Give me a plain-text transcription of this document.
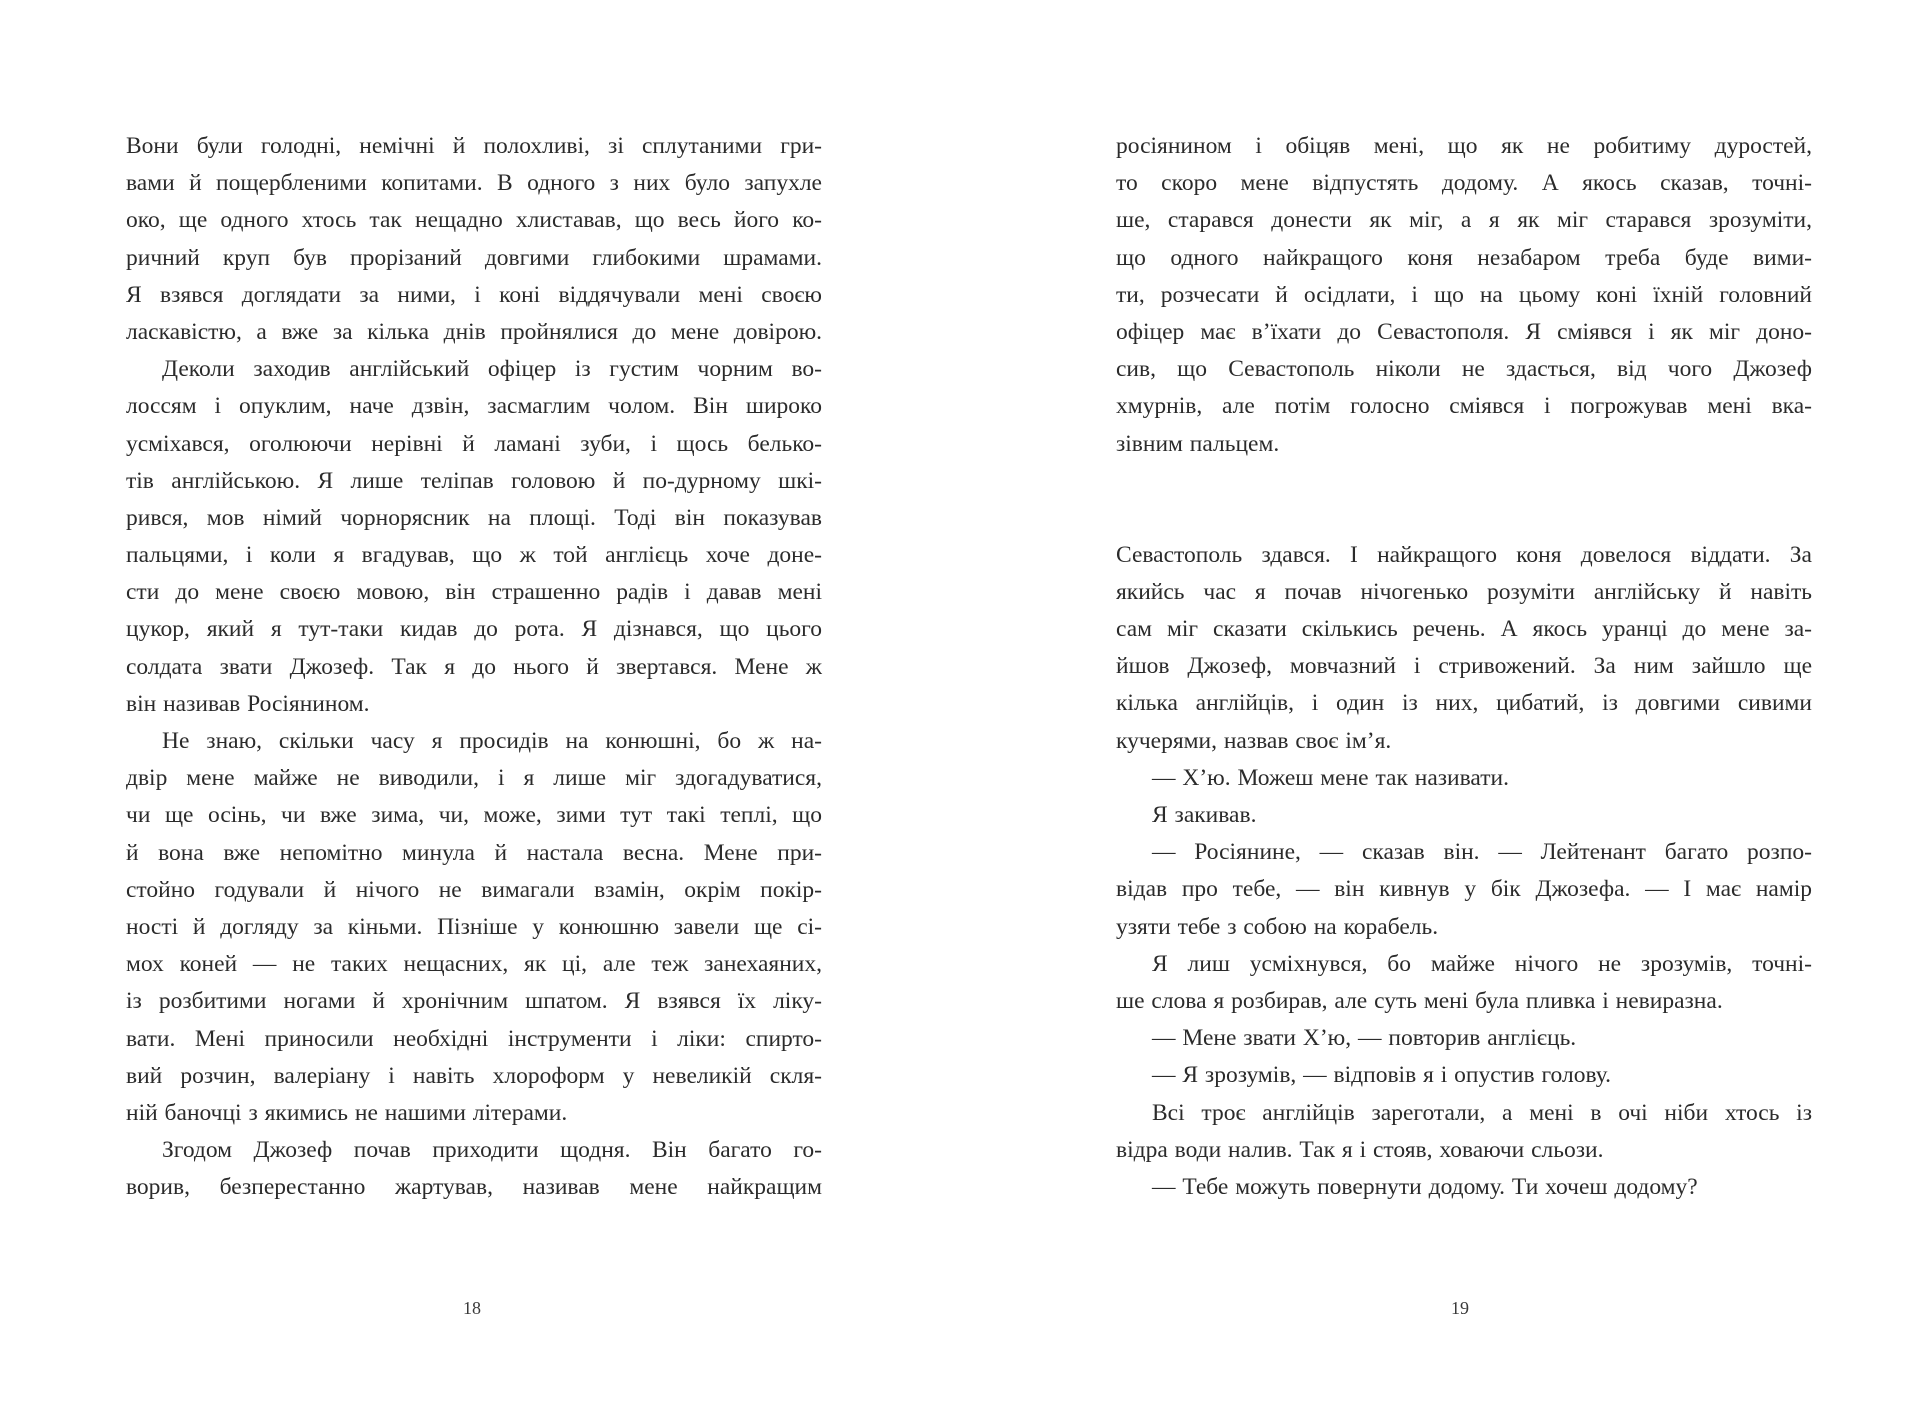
Вони були голодні, немічні й полохливі, зі сплутаними гри-
вами й пощербленими копитами. В одного з них було запухле
око, ще одного хтось так нещадно хлиставав, що весь його ко-
ричний круп був прорізаний довгими глибокими шрамами.
Я взявся доглядати за ними, і коні віддячували мені своєю
ласкавістю, а вже за кілька днів пройнялися до мене довірою.
Деколи заходив англійський офіцер із густим чорним во-
лоссям і опуклим, наче дзвін, засмаглим чолом. Він широко
усміхався, оголюючи нерівні й ламані зуби, і щось белько-
тів англійською. Я лише теліпав головою й по-дурному шкі-
рився, мов німий чорнорясник на площі. Тоді він показував
пальцями, і коли я вгадував, що ж той англієць хоче доне-
сти до мене своєю мовою, він страшенно радів і давав мені
цукор, який я тут-таки кидав до рота. Я дізнався, що цього
солдата звати Джозеф. Так я до нього й звертався. Мене ж
він називав Росіянином.
Не знаю, скільки часу я просидів на конюшні, бо ж на-
двір мене майже не виводили, і я лише міг здогадуватися,
чи ще осінь, чи вже зима, чи, може, зими тут такі теплі, що
й вона вже непомітно минула й настала весна. Мене при-
стойно годували й нічого не вимагали взамін, окрім покір-
ності й догляду за кіньми. Пізніше у конюшню завели ще сі-
мох коней — не таких нещасних, як ці, але теж занехаяних,
із розбитими ногами й хронічним шпатом. Я взявся їх ліку-
вати. Мені приносили необхідні інструменти і ліки: спирто-
вий розчин, валеріану і навіть хлороформ у невеликій скля-
ній баночці з якимись не нашими літерами.
Згодом Джозеф почав приходити щодня. Він багато го-
ворив, безперестанно жартував, називав мене найкращим
18
росіянином і обіцяв мені, що як не робитиму дуростей,
то скоро мене відпустять додому. А якось сказав, точні-
ше, старався донести як міг, а я як міг старався зрозуміти,
що одного найкращого коня незабаром треба буде вими-
ти, розчесати й осідлати, і що на цьому коні їхній головний
офіцер має в’їхати до Севастополя. Я сміявся і як міг доно-
сив, що Севастополь ніколи не здасться, від чого Джозеф
хмурнів, але потім голосно сміявся і погрожував мені вка-
зівним пальцем.
Севастополь здався. І найкращого коня довелося віддати. За
якийсь час я почав нічогенько розуміти англійську й навіть
сам міг сказати скількись речень. А якось уранці до мене за-
йшов Джозеф, мовчазний і стривожений. За ним зайшло ще
кілька англійців, і один із них, цибатий, із довгими сивими
кучерями, назвав своє ім’я.
— Х’ю. Можеш мене так називати.
Я закивав.
— Росіянине, — сказав він. — Лейтенант багато розпо-
відав про тебе, — він кивнув у бік Джозефа. — І має намір
узяти тебе з собою на корабель.
Я лиш усміхнувся, бо майже нічого не зрозумів, точні-
ше слова я розбирав, але суть мені була пливка і невиразна.
— Мене звати Х’ю, — повторив англієць.
— Я зрозумів, — відповів я і опустив голову.
Всі троє англійців зареготали, а мені в очі ніби хтось із
відра води налив. Так я і стояв, ховаючи сльози.
— Тебе можуть повернути додому. Ти хочеш додому?
19
